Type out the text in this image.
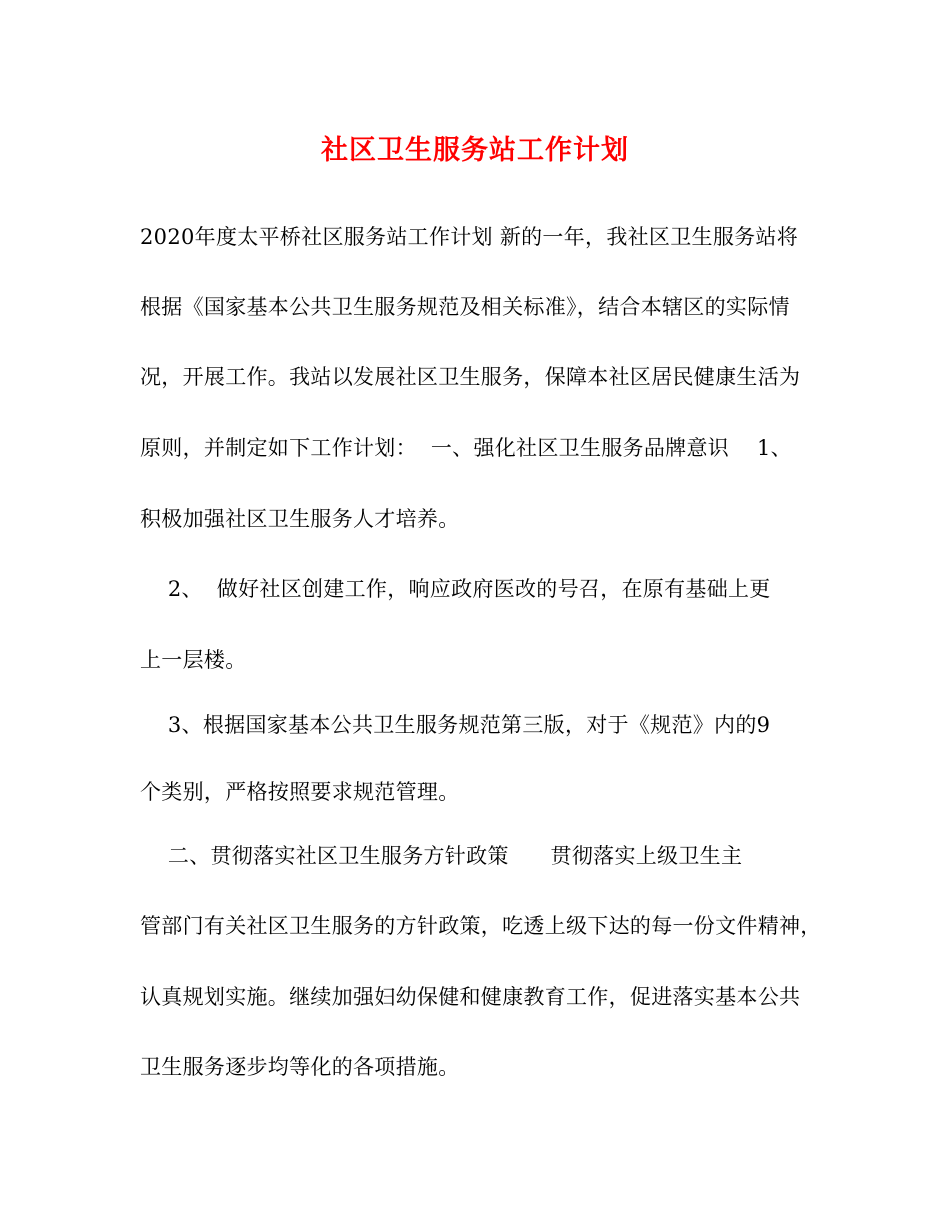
社区卫生服务站工作计划
2020年度太平桥社区服务站工作计划 新的一年，我社区卫生服务站将
根据《国家基本公共卫生服务规范及相关标准》，结合本辖区的实际情
况，开展工作。我站以发展社区卫生服务，保障本社区居民健康生活为
原则，并制定如下工作计划：  一、强化社区卫生服务品牌意识    1、
积极加强社区卫生服务人才培养。
2、  做好社区创建工作，响应政府医改的号召，在原有基础上更
上一层楼。
3、根据国家基本公共卫生服务规范第三版，对于《规范》内的9
个类别，严格按照要求规范管理。
二、贯彻落实社区卫生服务方针政策      贯彻落实上级卫生主
管部门有关社区卫生服务的方针政策，吃透上级下达的每一份文件精神，
认真规划实施。继续加强妇幼保健和健康教育工作，促进落实基本公共
卫生服务逐步均等化的各项措施。
